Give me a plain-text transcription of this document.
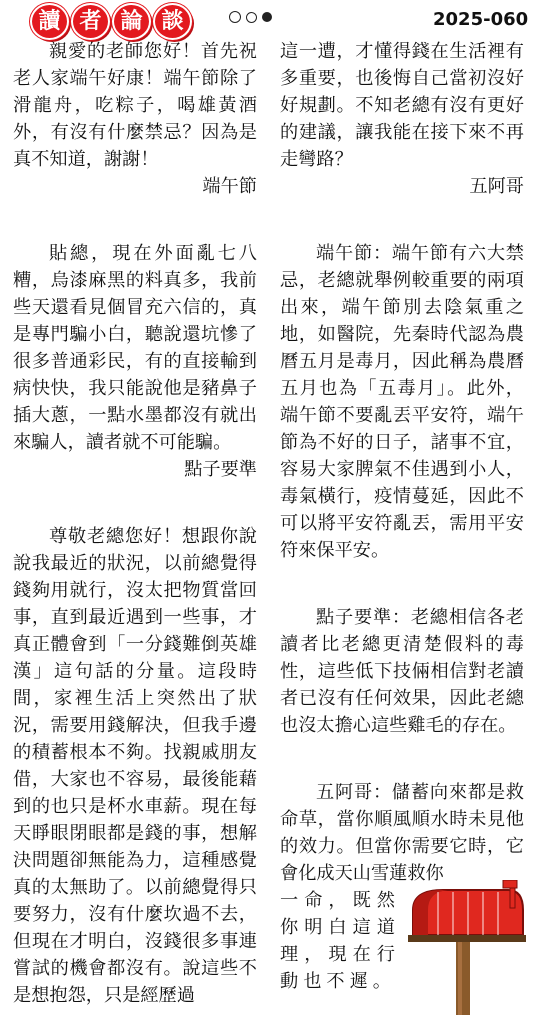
讀 者 論 談	2025-060

親愛的老師您好！首先祝老人家端午好康！端午節除了滑龍舟，吃粽子，喝雄黃酒外，有沒有什麼禁忌？因為是真不知道，謝謝！

端午節

貼總，現在外面亂七八糟，烏漆麻黑的料真多，我前些天還看見個冒充六信的，真是專門騙小白，聽說還坑慘了很多普通彩民，有的直接輸到病快快，我只能說他是豬鼻子插大蔥，一點水墨都沒有就出來騙人，讀者就不可能騙。

點子要準

尊敬老總您好！想跟你說說我最近的狀況，以前總覺得錢夠用就行，沒太把物質當回事，直到最近遇到一些事，才真正體會到「一分錢難倒英雄漢」這句話的分量。這段時間，家裡生活上突然出了狀況，需要用錢解決，但我手邊的積蓄根本不夠。找親戚朋友借，大家也不容易，最後能藉到的也只是杯水車薪。現在每天睜眼閉眼都是錢的事，想解決問題卻無能為力，這種感覺真的太無助了。以前總覺得只要努力，沒有什麼坎過不去，但現在才明白，沒錢很多事連嘗試的機會都沒有。說這些不是想抱怨，只是經歷過

這一遭，才懂得錢在生活裡有多重要，也後悔自己當初沒好好規劃。不知老總有沒有更好的建議，讓我能在接下來不再走彎路？

五阿哥

端午節：端午節有六大禁忌，老總就舉例較重要的兩項出來，端午節別去陰氣重之地，如醫院，先秦時代認為農曆五月是毒月，因此稱為農曆五月也為「五毒月」。此外，端午節不要亂丟平安符，端午節為不好的日子，諸事不宜，容易大家脾氣不佳遇到小人，毒氣橫行，疫情蔓延，因此不可以將平安符亂丟，需用平安符來保平安。

點子要準：老總相信各老讀者比老總更清楚假料的毒性，這些低下技倆相信對老讀者已沒有任何效果，因此老總也沒太擔心這些雞毛的存在。

五阿哥：儲蓄向來都是救命草，當你順風順水時未見他的效力。但當你需要它時，它會化成天山雪蓮救你

一命，既然你明白這道理，現在行動也不遲。
